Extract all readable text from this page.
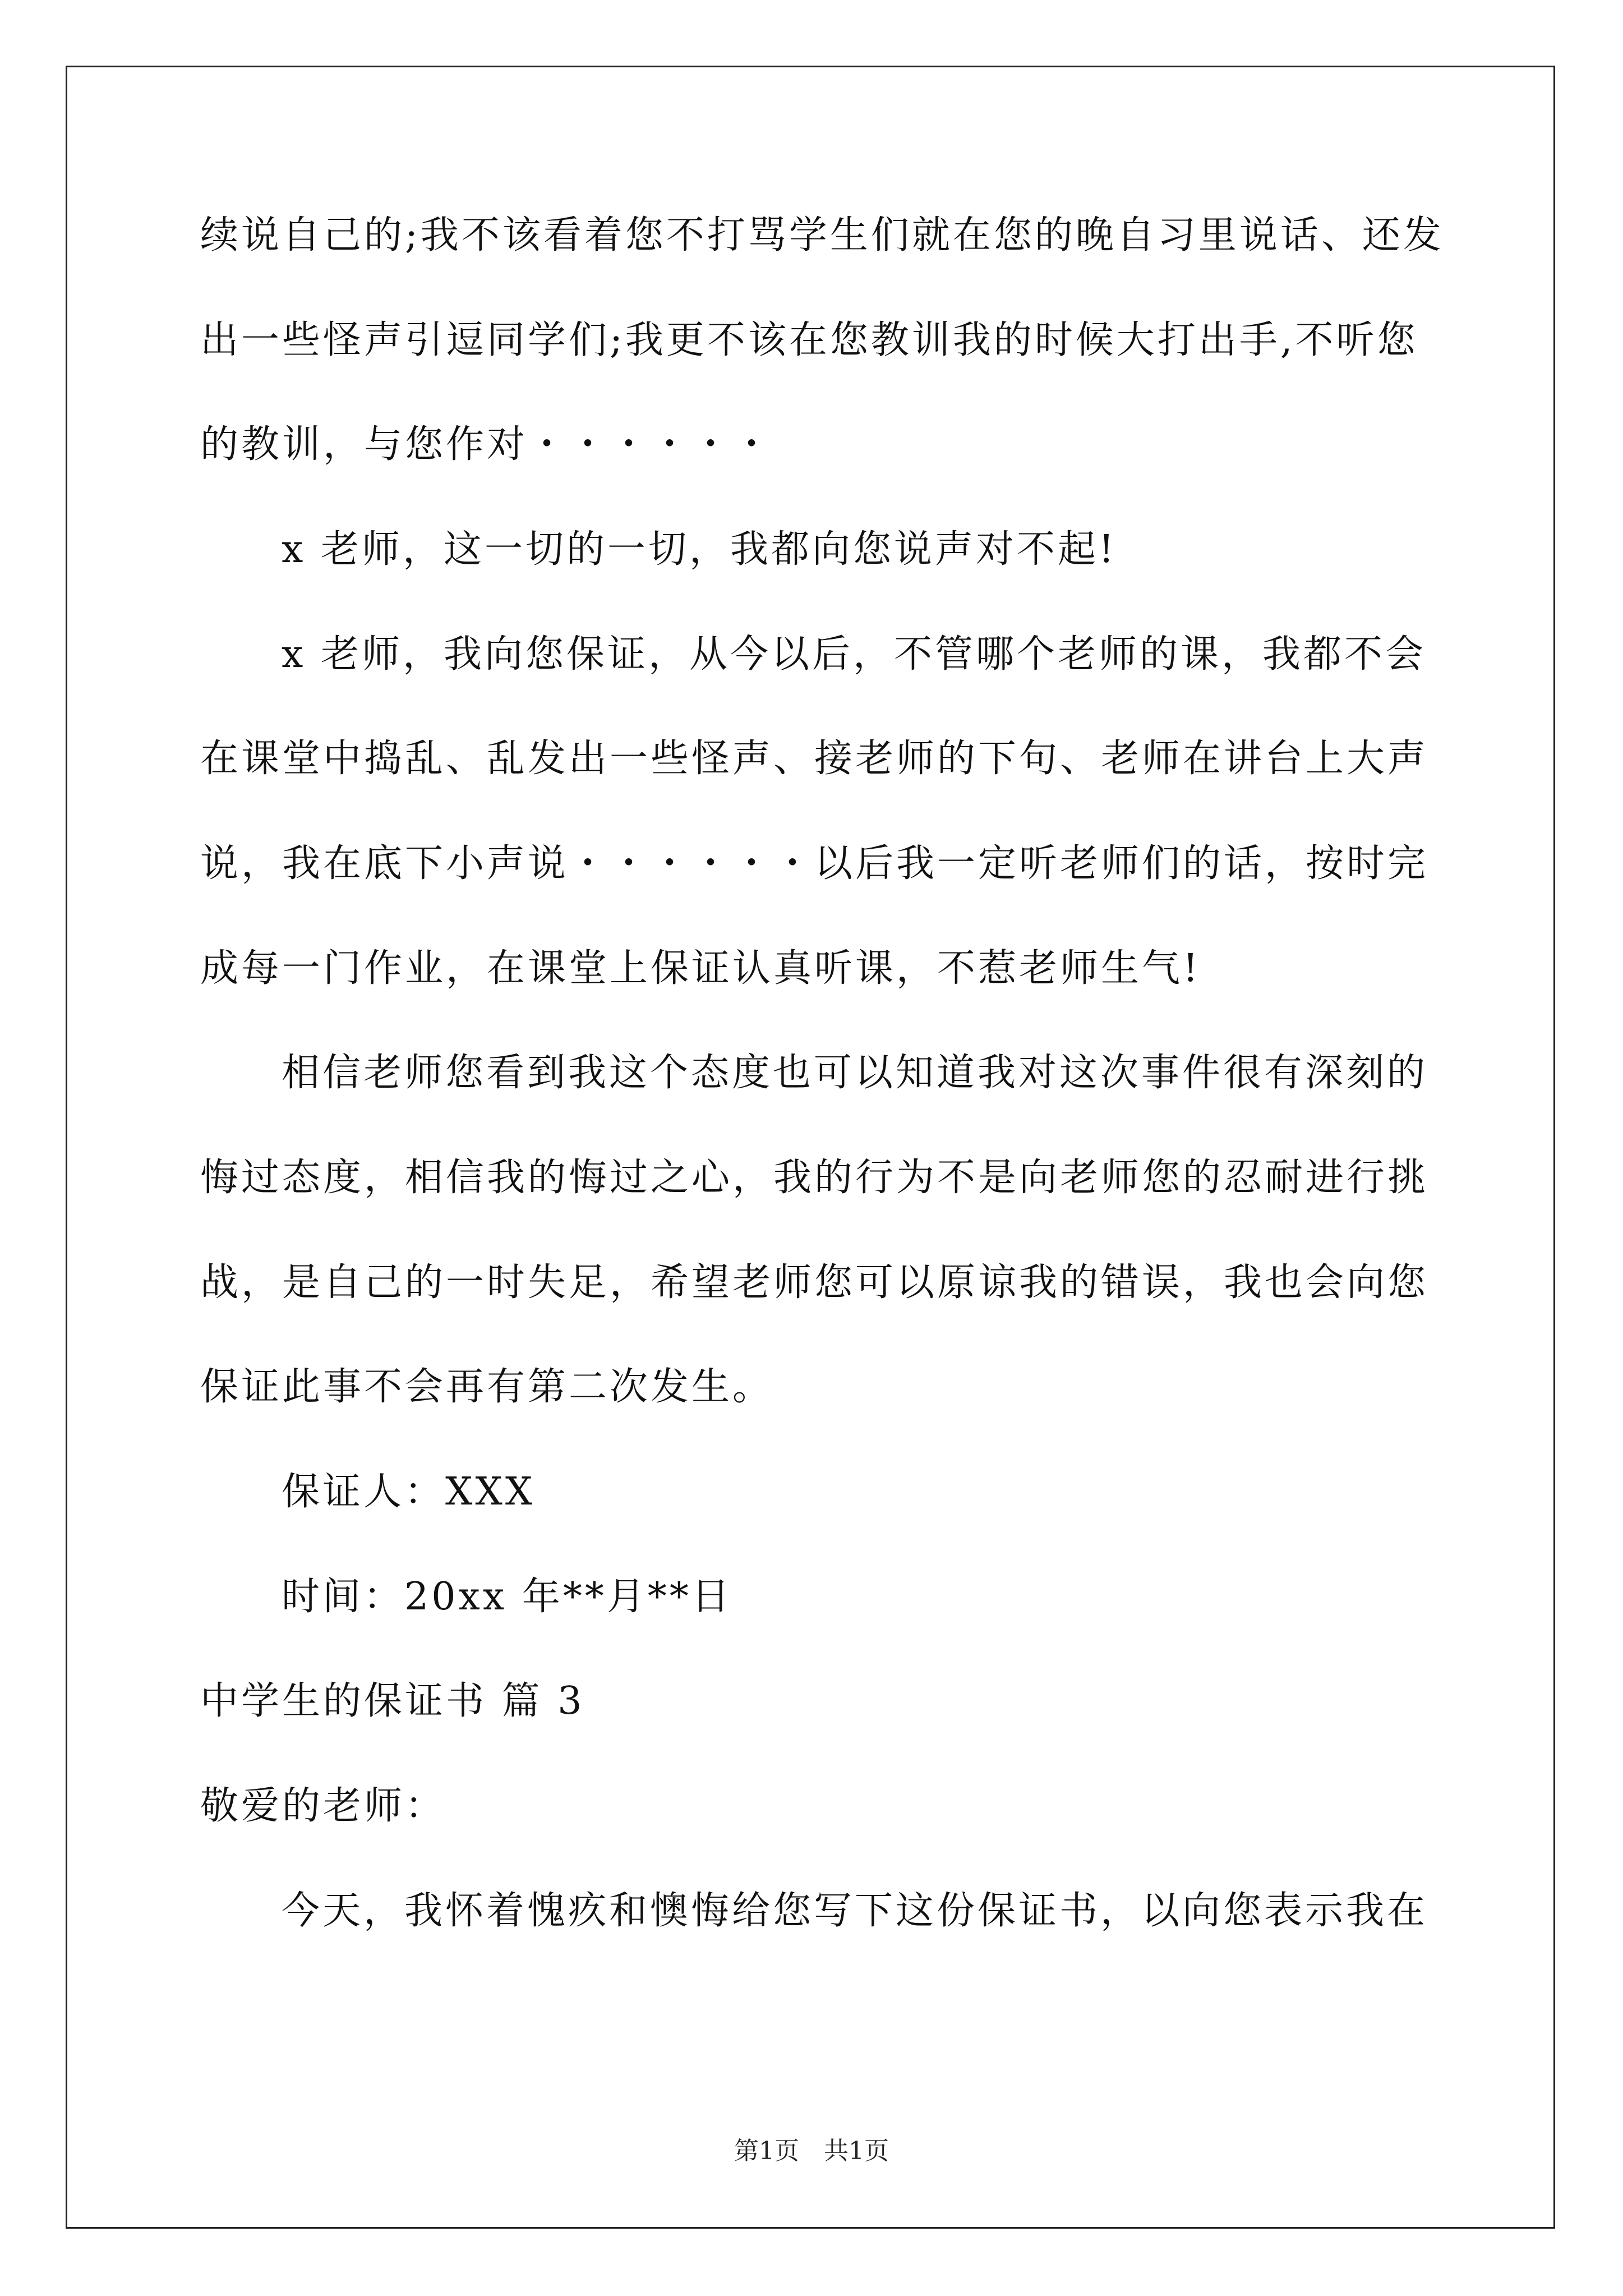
续说自己的;我不该看着您不打骂学生们就在您的晚自习里说话、还发
出一些怪声引逗同学们;我更不该在您教训我的时候大打出手,不听您
的教训，与您作对・・・・・・
x 老师，这一切的一切，我都向您说声对不起!
x 老师，我向您保证，从今以后，不管哪个老师的课，我都不会
在课堂中捣乱、乱发出一些怪声、接老师的下句、老师在讲台上大声
说，我在底下小声说・・・・・・以后我一定听老师们的话，按时完
成每一门作业，在课堂上保证认真听课，不惹老师生气!
相信老师您看到我这个态度也可以知道我对这次事件很有深刻的
悔过态度，相信我的悔过之心，我的行为不是向老师您的忍耐进行挑
战，是自己的一时失足，希望老师您可以原谅我的错误，我也会向您
保证此事不会再有第二次发生。
保证人：XXX
时间：20xx 年**月**日
中学生的保证书 篇 3
敬爱的老师：
今天，我怀着愧疚和懊悔给您写下这份保证书，以向您表示我在
第1页　共1页
